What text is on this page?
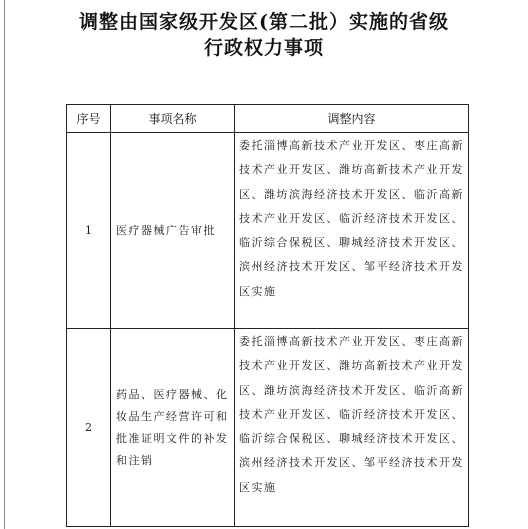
调整由国家级开发区(第二批）实施的省级
行政权力事项
序号	事项名称	调整内容
1	医疗器械广告审批	委托淄博高新技术产业开发区、枣庄高新技术产业开发区、潍坊高新技术产业开发区、潍坊滨海经济技术开发区、临沂高新技术产业开发区、临沂经济技术开发区、临沂综合保税区、聊城经济技术开发区、滨州经济技术开发区、邹平经济技术开发区实施
2	药品、医疗器械、化妆品生产经营许可和批准证明文件的补发和注销	委托淄博高新技术产业开发区、枣庄高新技术产业开发区、潍坊高新技术产业开发区、潍坊滨海经济技术开发区、临沂高新技术产业开发区、临沂经济技术开发区、临沂综合保税区、聊城经济技术开发区、滨州经济技术开发区、邹平经济技术开发区实施
